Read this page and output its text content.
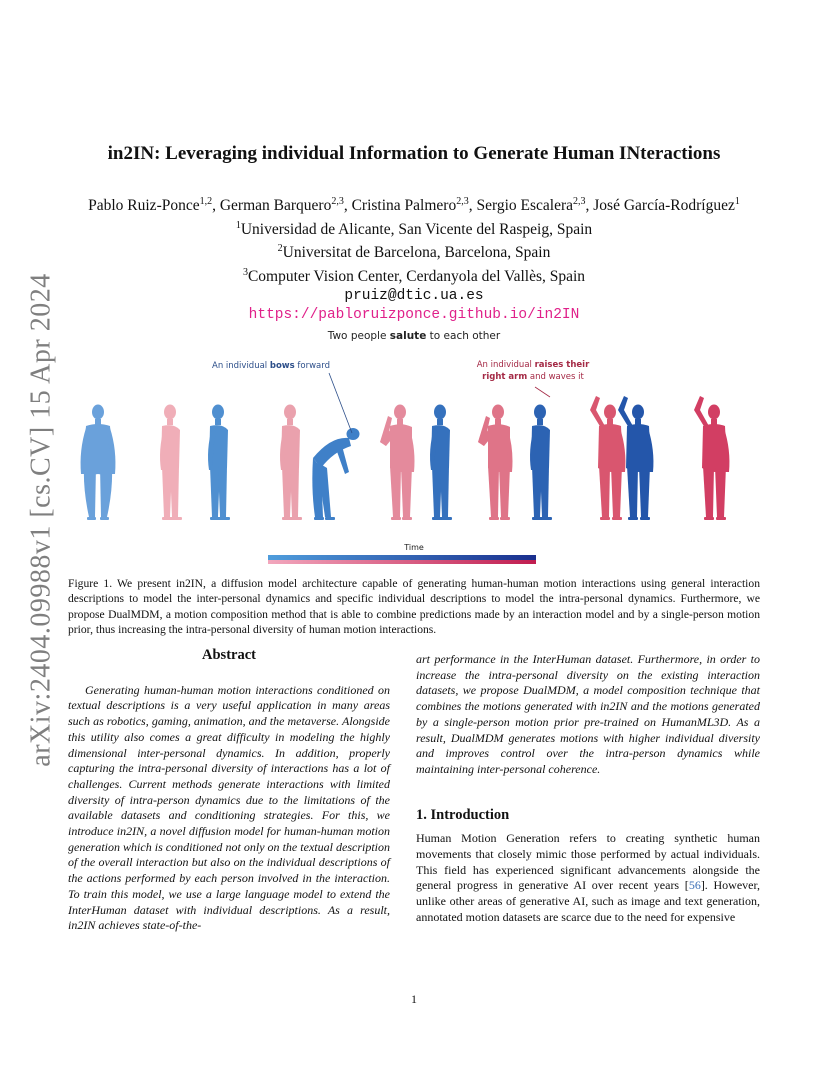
arXiv:2404.09988v1 [cs.CV] 15 Apr 2024
in2IN: Leveraging individual Information to Generate Human INteractions
Pablo Ruiz-Ponce$^{1,2}$, German Barquero$^{2,3}$, Cristina Palmero$^{2,3}$, Sergio Escalera$^{2,3}$, José García-Rodríguez$^1$
$^1$Universidad de Alicante, San Vicente del Raspeig, Spain
$^2$Universitat de Barcelona, Barcelona, Spain
$^3$Computer Vision Center, Cerdanyola del Vallès, Spain
pruiz@dtic.ua.es
https://pabloruizponce.github.io/in2IN
Two people salute to each other
An individual bows forward	An individual raises their
right arm and waves it
Time
Figure 1. We present in2IN, a diffusion model architecture capable of generating human-human motion interactions using general interaction descriptions to model the inter-personal dynamics and specific individual descriptions to model the intra-personal dynamics. Furthermore, we propose DualMDM, a motion composition method that is able to combine predictions made by an interaction model and by a single-person motion prior, thus increasing the intra-personal diversity of human motion interactions.
Abstract

Generating human-human motion interactions conditioned on textual descriptions is a very useful application in many areas such as robotics, gaming, animation, and the metaverse. Alongside this utility also comes a great difficulty in modeling the highly dimensional inter-personal dynamics. In addition, properly capturing the intra-personal diversity of interactions has a lot of challenges. Current methods generate interactions with limited diversity of intra-person dynamics due to the limitations of the available datasets and conditioning strategies. For this, we introduce in2IN, a novel diffusion model for human-human motion generation which is conditioned not only on the textual description of the overall interaction but also on the individual descriptions of the actions performed by each person involved in the interaction. To train this model, we use a large language model to extend the InterHuman dataset with individual descriptions. As a result, in2IN achieves state-of-the-

art performance in the InterHuman dataset. Furthermore, in order to increase the intra-personal diversity on the existing interaction datasets, we propose DualMDM, a model composition technique that combines the motions generated with in2IN and the motions generated by a single-person motion prior pre-trained on HumanML3D. As a result, DualMDM generates motions with higher individual diversity and improves control over the intra-person dynamics while maintaining inter-personal coherence.

1. Introduction

Human Motion Generation refers to creating synthetic human movements that closely mimic those performed by actual individuals. This field has experienced significant advancements alongside the general progress in generative AI over recent years [56]. However, unlike other areas of generative AI, such as image and text generation, annotated motion datasets are scarce due to the need for expensive

1
